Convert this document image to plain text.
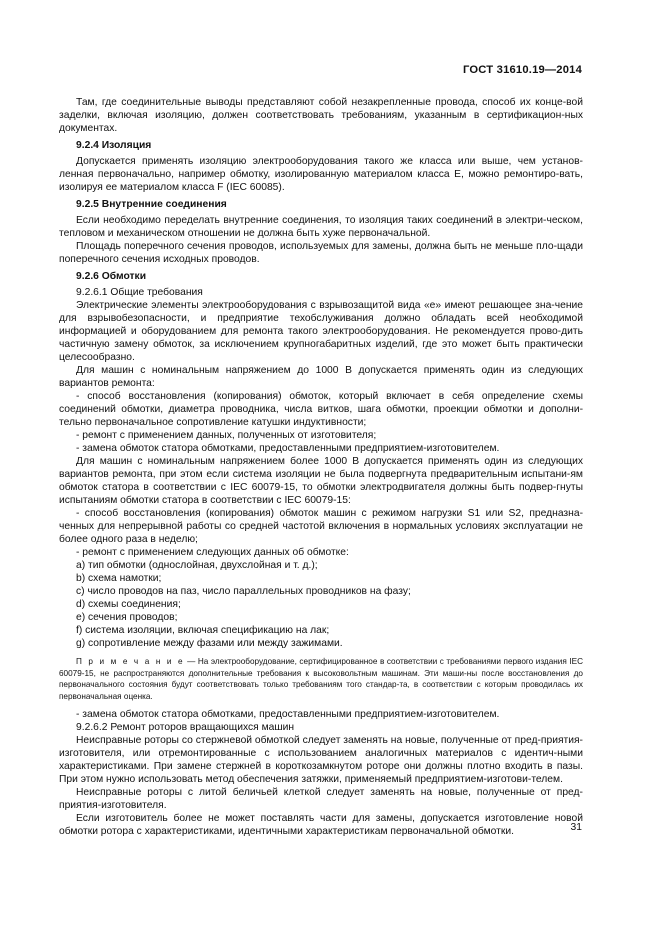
ГОСТ 31610.19—2014

Там, где соединительные выводы представляют собой незакрепленные провода, способ их конце-вой заделки, включая изоляцию, должен соответствовать требованиям, указанным в сертификацион-ных документах.

9.2.4 Изоляция

Допускается применять изоляцию электрооборудования такого же класса или выше, чем установ-ленная первоначально, например обмотку, изолированную материалом класса E, можно ремонтиро-вать, изолируя ее материалом класса F (IEC 60085).

9.2.5 Внутренние соединения

Если необходимо переделать внутренние соединения, то изоляция таких соединений в электри-ческом, тепловом и механическом отношении не должна быть хуже первоначальной.

Площадь поперечного сечения проводов, используемых для замены, должна быть не меньше пло-щади поперечного сечения исходных проводов.

9.2.6 Обмотки

9.2.6.1 Общие требования

Электрические элементы электрооборудования с взрывозащитой вида «е» имеют решающее зна-чение для взрывобезопасности, и предприятие техобслуживания должно обладать всей необходимой информацией и оборудованием для ремонта такого электрооборудования. Не рекомендуется прово-дить частичную замену обмоток, за исключением крупногабаритных изделий, где это может быть практически целесообразно.

Для машин с номинальным напряжением до 1000 В допускается применять один из следующих вариантов ремонта:

- способ восстановления (копирования) обмоток, который включает в себя определение схемы соединений обмотки, диаметра проводника, числа витков, шага обмотки, проекции обмотки и дополни-тельно первоначальное сопротивление катушки индуктивности;

- ремонт с применением данных, полученных от изготовителя;

- замена обмоток статора обмотками, предоставленными предприятием-изготовителем.

Для машин с номинальным напряжением более 1000 В допускается применять один из следующих вариантов ремонта, при этом если система изоляции не была подвергнута предварительным испытани-ям обмоток статора в соответствии с IEC 60079-15, то обмотки электродвигателя должны быть подвер-гнуты испытаниям обмотки статора в соответствии с IEC 60079-15:

- способ восстановления (копирования) обмоток машин с режимом нагрузки S1 или S2, предназна-ченных для непрерывной работы со средней частотой включения в нормальных условиях эксплуатации не более одного раза в неделю;

- ремонт с применением следующих данных об обмотке:

a) тип обмотки (однослойная, двухслойная и т. д.);

b) схема намотки;

c) число проводов на паз, число параллельных проводников на фазу;

d) схемы соединения;

e) сечения проводов;

f) система изоляции, включая спецификацию на лак;

g) сопротивление между фазами или между зажимами.

П р и м е ч а н и е — На электрооборудование, сертифицированное в соответствии с требованиями первого издания IEC 60079-15, не распространяются дополнительные требования к высоковольтным машинам. Эти маши-ны после восстановления до первоначального состояния будут соответствовать только требованиям того стандар-та, в соответствии с которым проводилась их первоначальная оценка.

- замена обмоток статора обмотками, предоставленными предприятием-изготовителем.

9.2.6.2 Ремонт роторов вращающихся машин

Неисправные роторы со стержневой обмоткой следует заменять на новые, полученные от пред-приятия-изготовителя, или отремонтированные с использованием аналогичных материалов с идентич-ными характеристиками. При замене стержней в короткозамкнутом роторе они должны плотно входить в пазы. При этом нужно использовать метод обеспечения затяжки, применяемый предприятием-изготови-телем.

Неисправные роторы с литой беличьей клеткой следует заменять на новые, полученные от пред-приятия-изготовителя.

Если изготовитель более не может поставлять части для замены, допускается изготовление новой обмотки ротора с характеристиками, идентичными характеристикам первоначальной обмотки.	31
